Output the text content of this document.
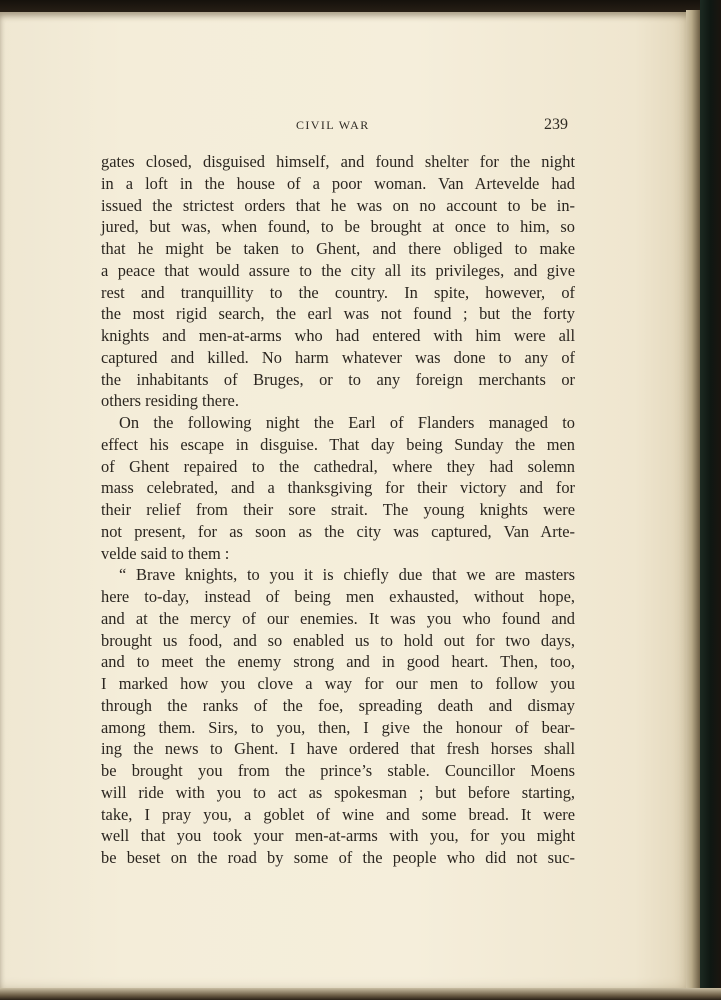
CIVIL WAR	239
gates closed, disguised himself, and found shelter for the night
in a loft in the house of a poor woman. Van Artevelde had
issued the strictest orders that he was on no account to be in-
jured, but was, when found, to be brought at once to him, so
that he might be taken to Ghent, and there obliged to make
a peace that would assure to the city all its privileges, and give
rest and tranquillity to the country. In spite, however, of
the most rigid search, the earl was not found ; but the forty
knights and men-at-arms who had entered with him were all
captured and killed. No harm whatever was done to any of
the inhabitants of Bruges, or to any foreign merchants or
others residing there.
On the following night the Earl of Flanders managed to
effect his escape in disguise. That day being Sunday the men
of Ghent repaired to the cathedral, where they had solemn
mass celebrated, and a thanksgiving for their victory and for
their relief from their sore strait. The young knights were
not present, for as soon as the city was captured, Van Arte-
velde said to them :
“ Brave knights, to you it is chiefly due that we are masters
here to-day, instead of being men exhausted, without hope,
and at the mercy of our enemies. It was you who found and
brought us food, and so enabled us to hold out for two days,
and to meet the enemy strong and in good heart. Then, too,
I marked how you clove a way for our men to follow you
through the ranks of the foe, spreading death and dismay
among them. Sirs, to you, then, I give the honour of bear-
ing the news to Ghent. I have ordered that fresh horses shall
be brought you from the prince’s stable. Councillor Moens
will ride with you to act as spokesman ; but before starting,
take, I pray you, a goblet of wine and some bread. It were
well that you took your men-at-arms with you, for you might
be beset on the road by some of the people who did not suc-
